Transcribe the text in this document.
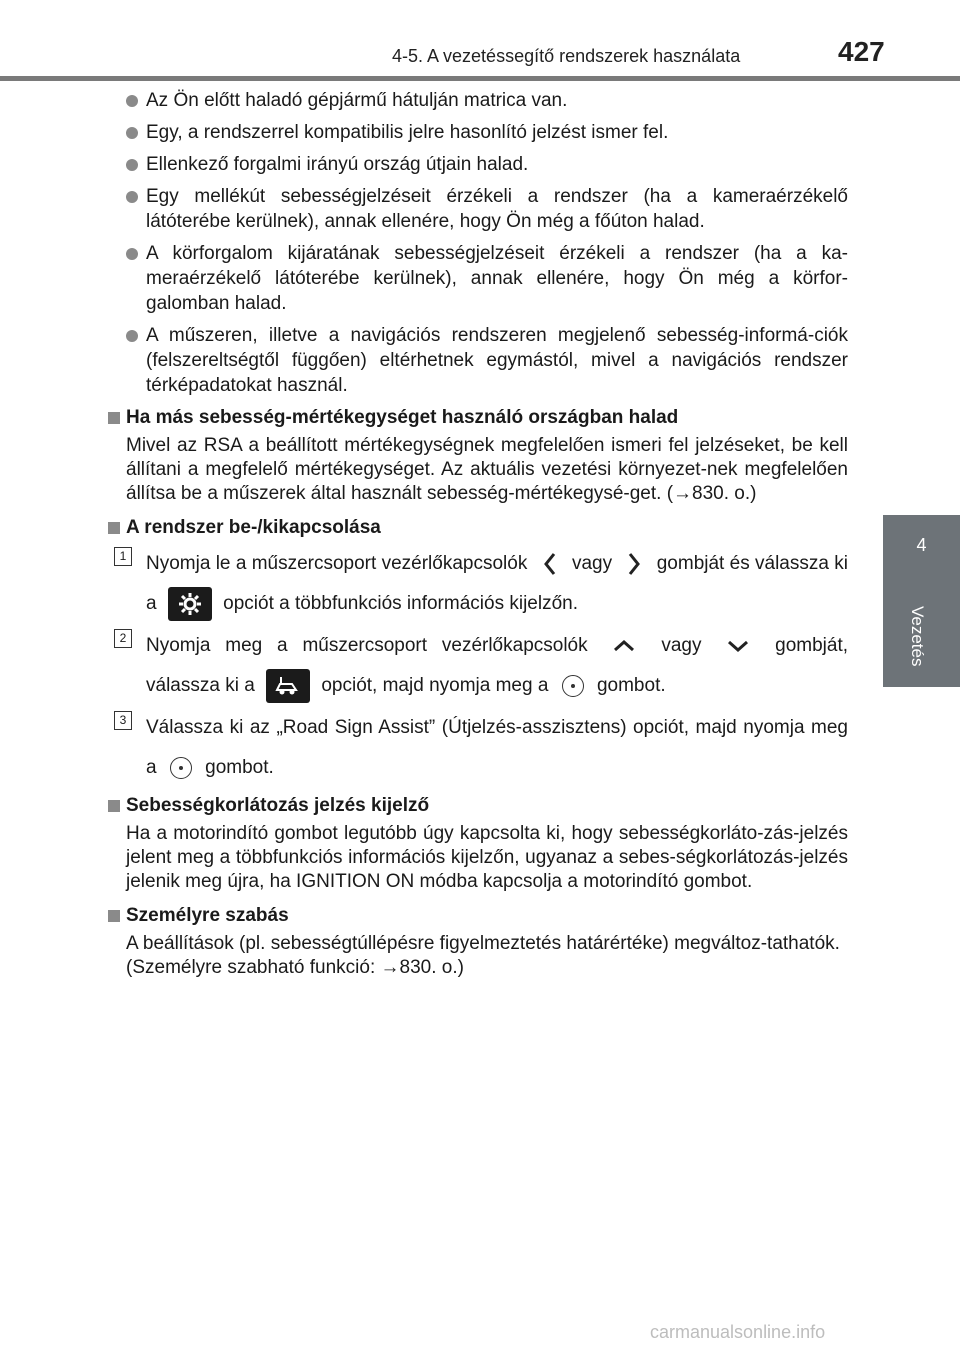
4-5. A vezetéssegítő rendszerek használata	427
4
Vezetés
Az Ön előtt haladó gépjármű hátulján matrica van.
Egy, a rendszerrel kompatibilis jelre hasonlító jelzést ismer fel.
Ellenkező forgalmi irányú ország útjain halad.
Egy mellékút sebességjelzéseit érzékeli a rendszer (ha a kameraérzékelő látóterébe kerülnek), annak ellenére, hogy Ön még a főúton halad.
A körforgalom kijáratának sebességjelzéseit érzékeli a rendszer (ha a ka-meraérzékelő látóterébe kerülnek), annak ellenére, hogy Ön még a körfor-galomban halad.
A műszeren, illetve a navigációs rendszeren megjelenő sebesség-informá-ciók (felszereltségtől függően) eltérhetnek egymástól, mivel a navigációs rendszer térképadatokat használ.
Ha más sebesség-mértékegységet használó országban halad
Mivel az RSA a beállított mértékegységnek megfelelően ismeri fel jelzéseket, be kell állítani a megfelelő mértékegységet. Az aktuális vezetési környezet-nek megfelelően állítsa be a műszerek által használt sebesség-mértékegysé-get. (→830. o.)
A rendszer be-/kikapcsolása
1 Nyomja le a műszercsoport vezérlőkapcsolók vagy gombját és válassza ki a	opciót a többfunkciós információs kijelzőn.
2 Nyomja meg a műszercsoport vezérlőkapcsolók	vagy	gombját, válassza ki a	opciót, majd nyomja meg a	gombot.
3 Válassza ki az „Road Sign Assist” (Útjelzés-asszisztens) opciót, majd nyomja meg a	gombot.
Sebességkorlátozás jelzés kijelző
Ha a motorindító gombot legutóbb úgy kapcsolta ki, hogy sebességkorláto-zás-jelzés jelent meg a többfunkciós információs kijelzőn, ugyanaz a sebes-ségkorlátozás-jelzés jelenik meg újra, ha IGNITION ON módba kapcsolja a motorindító gombot.
Személyre szabás
A beállítások (pl. sebességtúllépésre figyelmeztetés határértéke) megváltoz-tathatók.
(Személyre szabható funkció: →830. o.)
carmanualsonline.info
